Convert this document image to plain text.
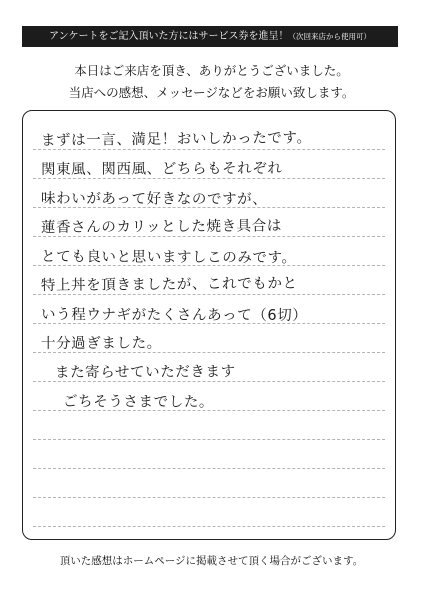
アンケートをご記入頂いた方にはサービス券を進呈！（次回来店から使用可）
本日はご来店を頂き、ありがとうございました。
当店への感想、メッセージなどをお願い致します。
まずは一言、満足！おいしかったです。
関東風、関西風、どちらもそれぞれ
味わいがあって好きなのですが、
蓮香さんのカリッとした焼き具合は
とても良いと思いますしこのみです。
特上丼を頂きましたが、これでもかと
いう程ウナギがたくさんあって（6切）
十分過ぎました。
また寄らせていただきます
ごちそうさまでした。
頂いた感想はホームページに掲載させて頂く場合がございます。
